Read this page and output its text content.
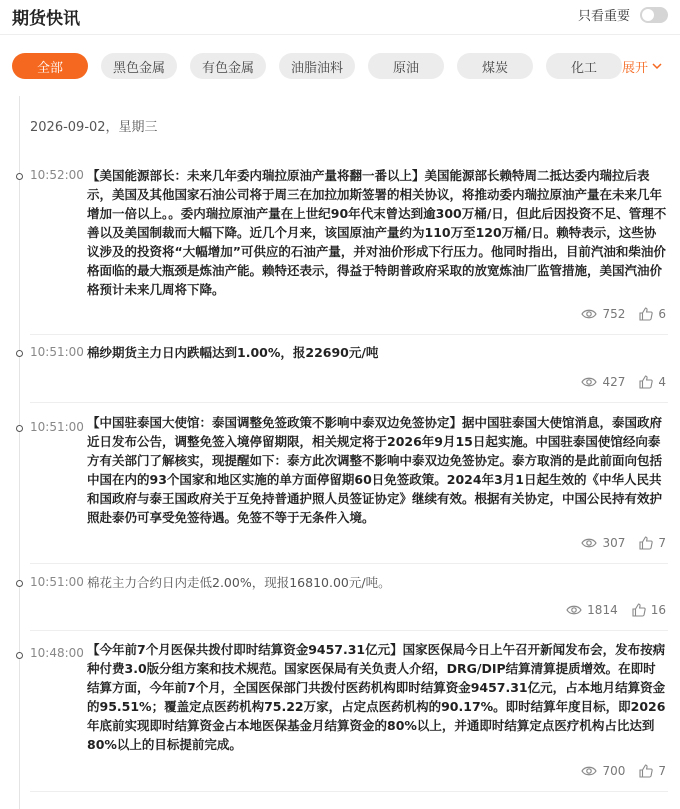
期货快讯	只看重要
全部	黑色金属	有色金属	油脂油料	原油	煤炭	化工	展开
2026-09-02，星期三
10:52:00 【美国能源部长：未来几年委内瑞拉原油产量将翻一番以上】美国能源部长赖特周二抵达委内瑞拉后表示，美国及其他国家石油公司将于周三在加拉加斯签署的相关协议，将推动委内瑞拉原油产量在未来几年增加一倍以上。。委内瑞拉原油产量在上世纪90年代末曾达到逾300万桶/日，但此后因投资不足、管理不善以及美国制裁而大幅下降。近几个月来，该国原油产量约为110万至120万桶/日。赖特表示，这些协议涉及的投资将“大幅增加”可供应的石油产量，并对油价形成下行压力。他同时指出，目前汽油和柴油价格面临的最大瓶颈是炼油产能。赖特还表示，得益于特朗普政府采取的放宽炼油厂监管措施，美国汽油价格预计未来几周将下降。
752	6
10:51:00 棉纱期货主力日内跌幅达到1.00%，报22690元/吨
427	4
10:51:00 【中国驻泰国大使馆：泰国调整免签政策不影响中泰双边免签协定】据中国驻泰国大使馆消息，泰国政府近日发布公告，调整免签入境停留期限，相关规定将于2026年9月15日起实施。中国驻泰国使馆经向泰方有关部门了解核实，现提醒如下：泰方此次调整不影响中泰双边免签协定。泰方取消的是此前面向包括中国在内的93个国家和地区实施的单方面停留期60日免签政策。2024年3月1日起生效的《中华人民共和国政府与泰王国政府关于互免持普通护照人员签证协定》继续有效。根据有关协定，中国公民持有效护照赴泰仍可享受免签待遇。免签不等于无条件入境。
307	7
10:51:00 棉花主力合约日内走低2.00%，现报16810.00元/吨。
1814	16
10:48:00 【今年前7个月医保共拨付即时结算资金9457.31亿元】国家医保局今日上午召开新闻发布会，发布按病种付费3.0版分组方案和技术规范。国家医保局有关负责人介绍，DRG/DIP结算清算提质增效。在即时结算方面，今年前7个月，全国医保部门共拨付医药机构即时结算资金9457.31亿元，占本地月结算资金的95.51%；覆盖定点医药机构75.22万家，占定点医药机构的90.17%。即时结算年度目标，即2026年底前实现即时结算资金占本地医保基金月结算资金的80%以上，并通即时结算定点医疗机构占比达到80%以上的目标提前完成。
700	7
